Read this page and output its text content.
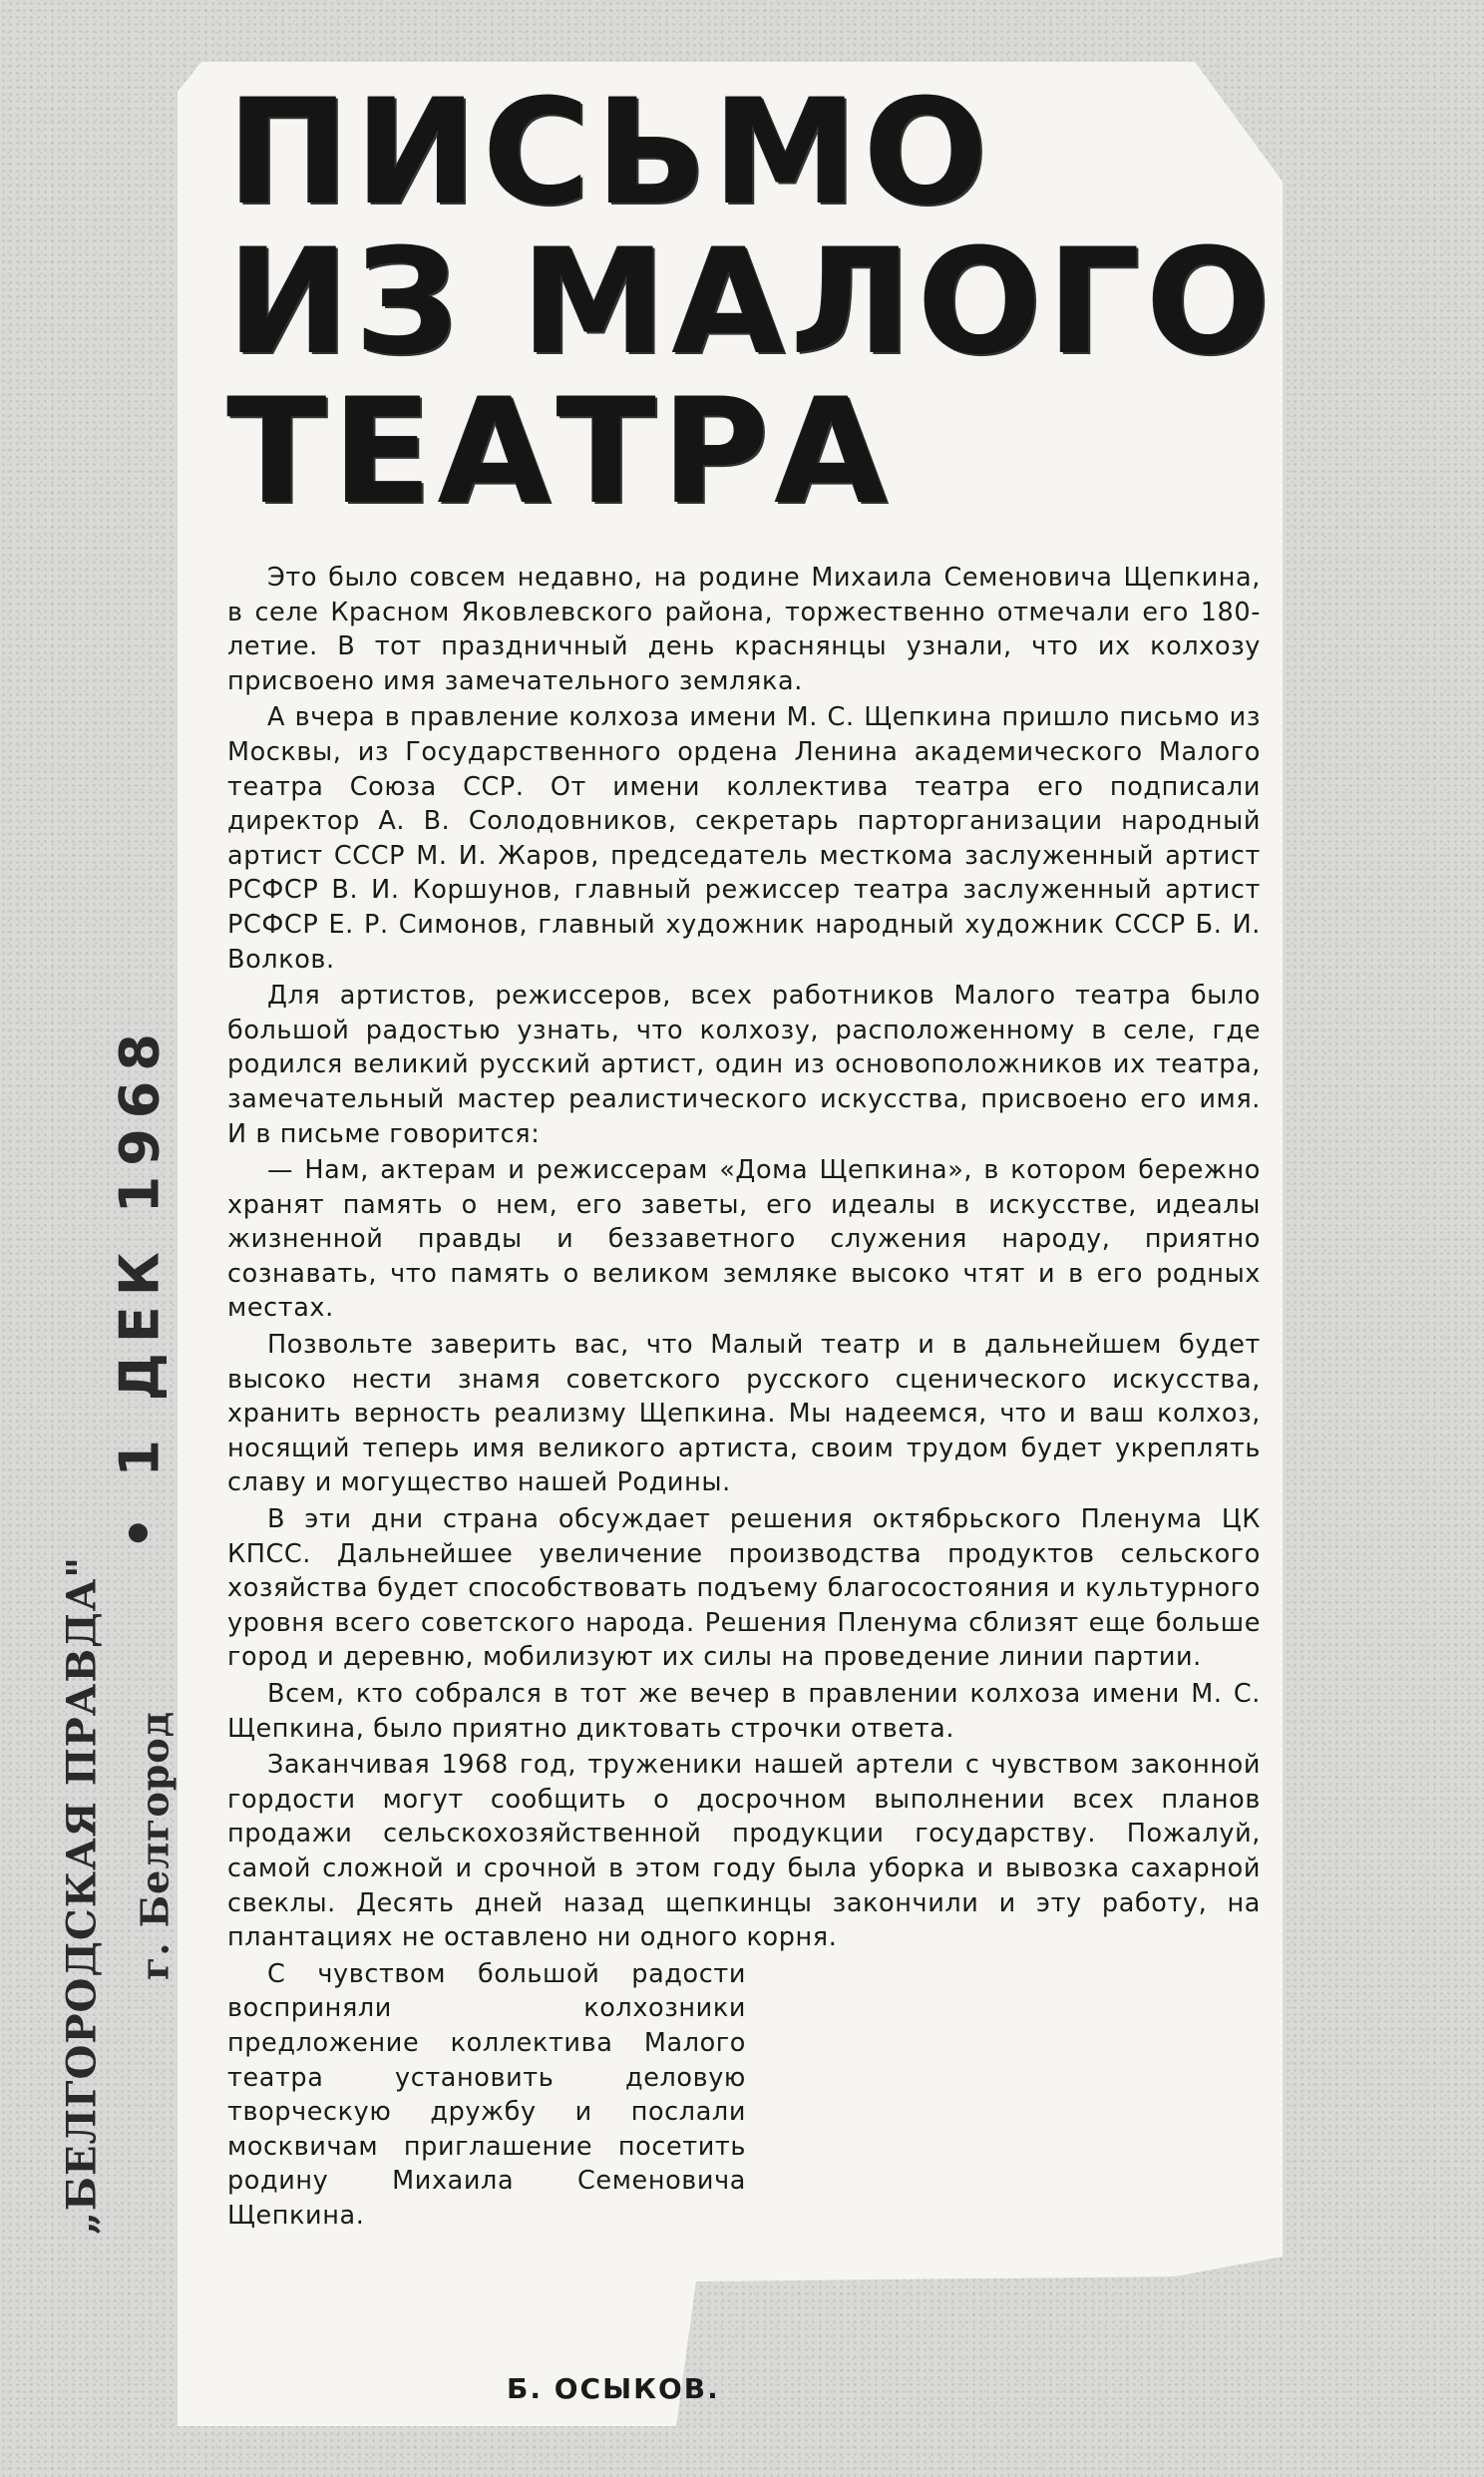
ПИСЬМО
ИЗ МАЛОГО
ТЕАТРА

Это было совсем недавно, на родине Михаила Семеновича Щепкина, в селе Красном Яковлевского района, торжественно отмечали его 180-летие. В тот праздничный день краснянцы узнали, что их колхозу присвоено имя замечательного земляка.

А вчера в правление колхоза имени М. С. Щепкина пришло письмо из Москвы, из Государственного ордена Ленина академического Малого театра Союза ССР. От имени коллектива театра его подписали директор А. В. Солодовников, секретарь парторганизации народный артист СССР М. И. Жаров, председатель месткома заслуженный артист РСФСР В. И. Коршунов, главный режиссер театра заслуженный артист РСФСР Е. Р. Симонов, главный художник народный художник СССР Б. И. Волков.

Для артистов, режиссеров, всех работников Малого театра было большой радостью узнать, что колхозу, расположенному в селе, где родился великий русский артист, один из основоположников их театра, замечательный мастер реалистического искусства, присвоено его имя. И в письме говорится:

— Нам, актерам и режиссерам «Дома Щепкина», в котором бережно хранят память о нем, его заветы, его идеалы в искусстве, идеалы жизненной правды и беззаветного служения народу, приятно сознавать, что память о великом земляке высоко чтят и в его родных местах.

Позвольте заверить вас, что Малый театр и в дальнейшем будет высоко нести знамя советского русского сценического искусства, хранить верность реализму Щепкина. Мы надеемся, что и ваш колхоз, носящий теперь имя великого артиста, своим трудом будет укреплять славу и могущество нашей Родины.

В эти дни страна обсуждает решения октябрьского Пленума ЦК КПСС. Дальнейшее увеличение производства продуктов сельского хозяйства будет способствовать подъему благосостояния и культурного уровня всего советского народа. Решения Пленума сблизят еще больше город и деревню, мобилизуют их силы на проведение линии партии.

Всем, кто собрался в тот же вечер в правлении колхоза имени М. С. Щепкина, было приятно диктовать строчки ответа.

Заканчивая 1968 год, труженики нашей артели с чувством законной гордости могут сообщить о досрочном выполнении всех планов продажи сельскохозяйственной продукции государству. Пожалуй, самой сложной и срочной в этом году была уборка и вывозка сахарной свеклы. Десять дней назад щепкинцы закончили и эту работу, на плантациях не оставлено ни одного корня.

С чувством большой радости восприняли колхозники предложение коллектива Малого театра установить деловую творческую дружбу и послали москвичам приглашение посетить родину Михаила Семеновича Щепкина.

Б. ОСЫКОВ.
• 1 ДЕК 1968
„БЕЛГОРОДСКАЯ ПРАВДА" г. Белгород
